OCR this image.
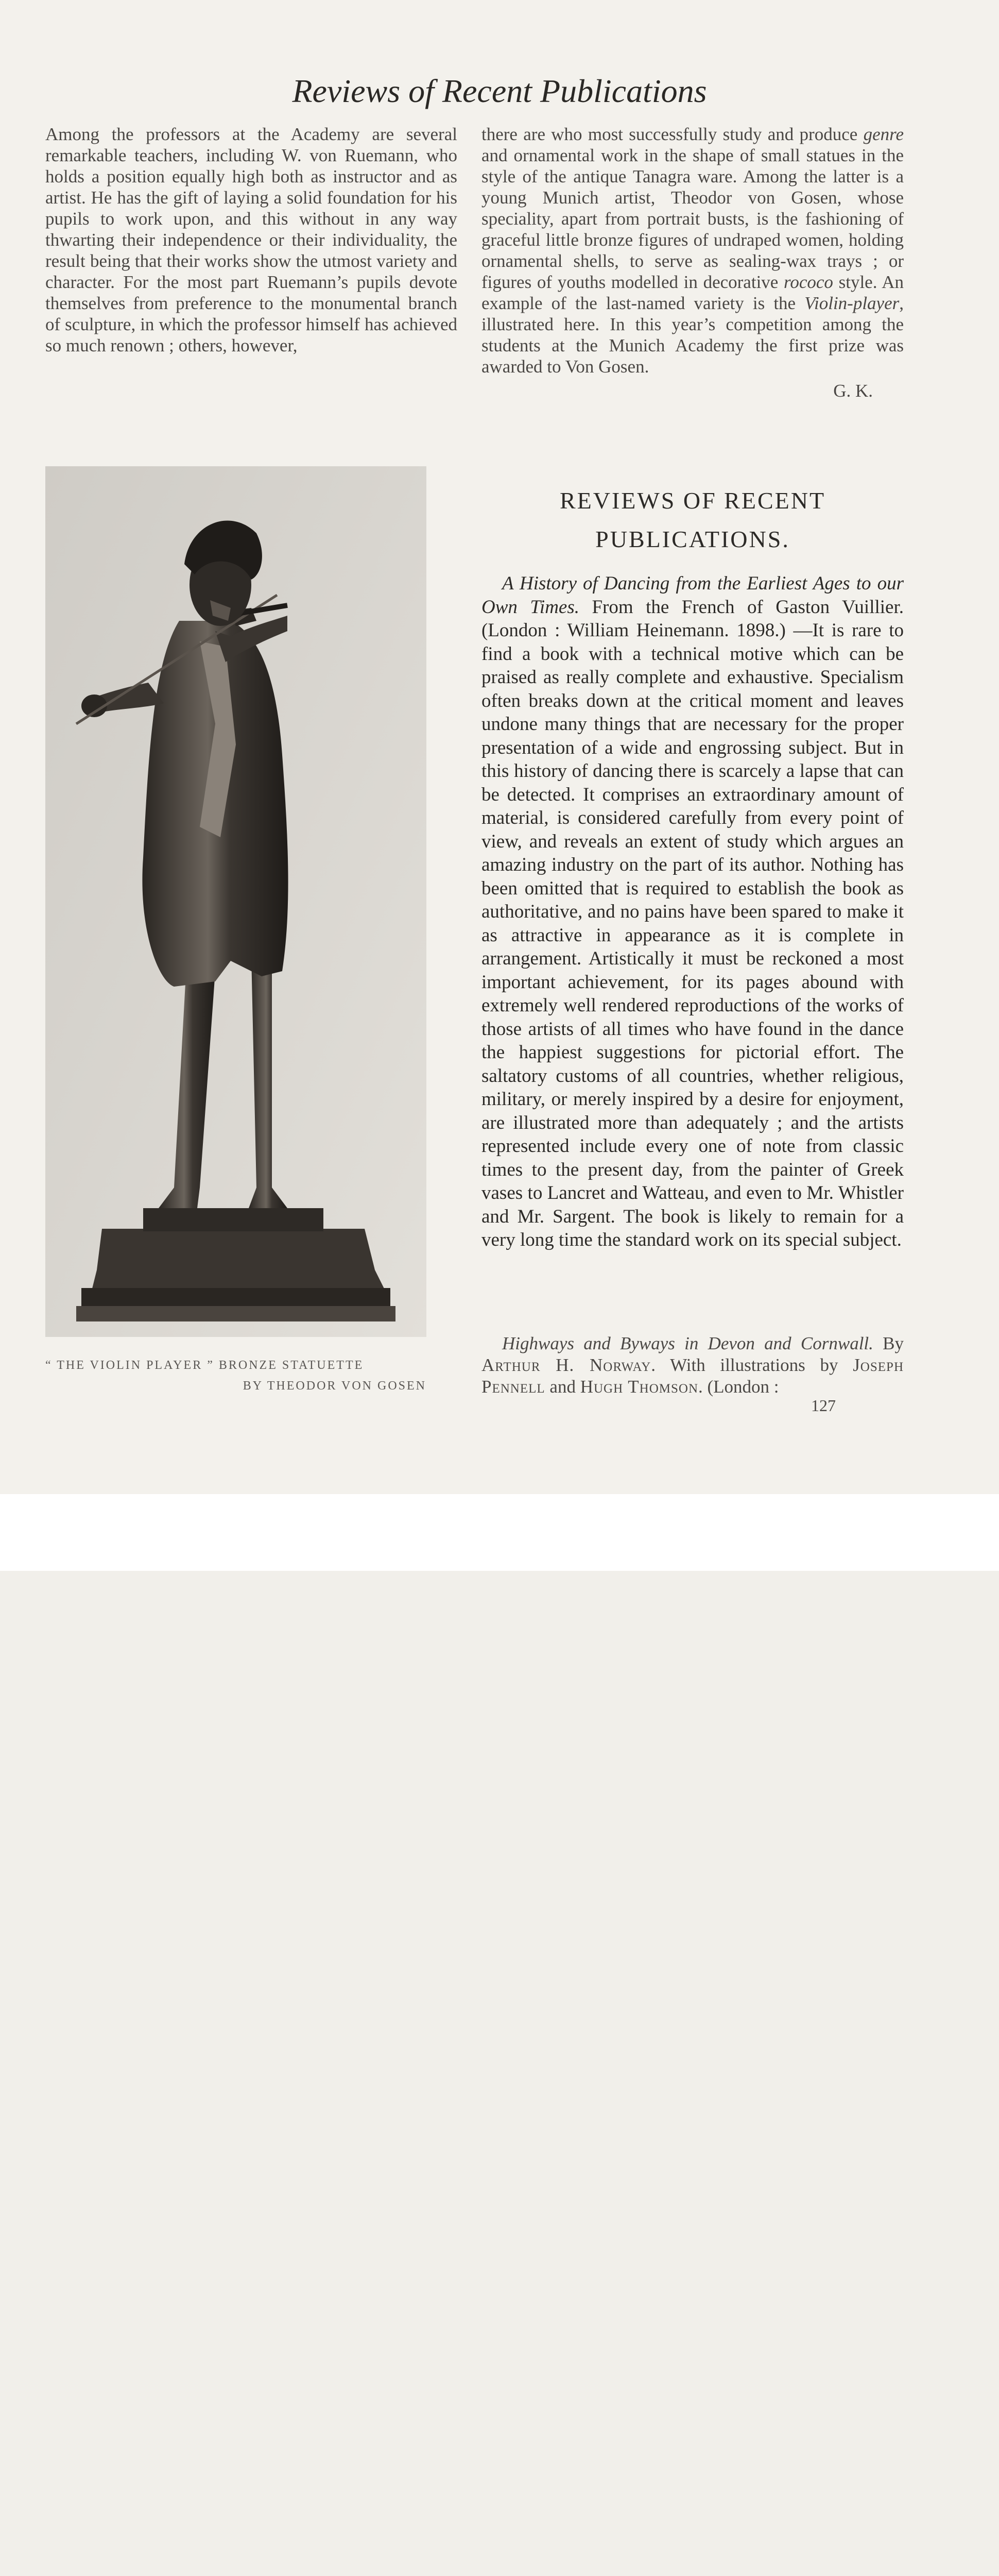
Reviews of Recent Publications

Among the professors at the Academy are several remarkable teachers, including W. von Ruemann, who holds a position equally high both as instructor and as artist. He has the gift of laying a solid foundation for his pupils to work upon, and this without in any way thwarting their independence or their individuality, the result being that their works show the utmost variety and character. For the most part Ruemann’s pupils devote themselves from preference to the monumental branch of sculpture, in which the professor himself has achieved so much renown ; others, however,

there are who most successfully study and produce genre and ornamental work in the shape of small statues in the style of the antique Tanagra ware. Among the latter is a young Munich artist, Theodor von Gosen, whose speciality, apart from portrait busts, is the fashioning of graceful little bronze figures of undraped women, holding ornamental shells, to serve as sealing-wax trays ; or figures of youths modelled in decorative rococo style. An example of the last-named variety is the Violin-player, illustrated here. In this year’s competition among the students at the Munich Academy the first prize was awarded to Von Gosen.

G. K.
REVIEWS OF RECENT
PUBLICATIONS.

A History of Dancing from the Earliest Ages to our Own Times. From the French of Gaston Vuillier. (London : William Heinemann. 1898.) —It is rare to find a book with a technical motive which can be praised as really complete and exhaustive. Specialism often breaks down at the critical moment and leaves undone many things that are necessary for the proper presentation of a wide and engrossing subject. But in this history of dancing there is scarcely a lapse that can be detected. It comprises an extraordinary amount of material, is considered carefully from every point of view, and reveals an extent of study which argues an amazing industry on the part of its author. Nothing has been omitted that is required to establish the book as authoritative, and no pains have been spared to make it as attractive in appearance as it is complete in arrangement. Artistically it must be reckoned a most important achievement, for its pages abound with extremely well rendered reproductions of the works of those artists of all times who have found in the dance the happiest suggestions for pictorial effort. The saltatory customs of all countries, whether religious, military, or merely inspired by a desire for enjoyment, are illustrated more than adequately ; and the artists represented include every one of note from classic times to the present day, from the painter of Greek vases to Lancret and Watteau, and even to Mr. Whistler and Mr. Sargent. The book is likely to remain for a very long time the standard work on its special subject.

Highways and Byways in Devon and Cornwall. By Arthur H. Norway. With illustrations by Joseph Pennell and Hugh Thomson. (London :

“ THE VIOLIN PLAYER ” BRONZE STATUETTE
BY THEODOR VON GOSEN
127
